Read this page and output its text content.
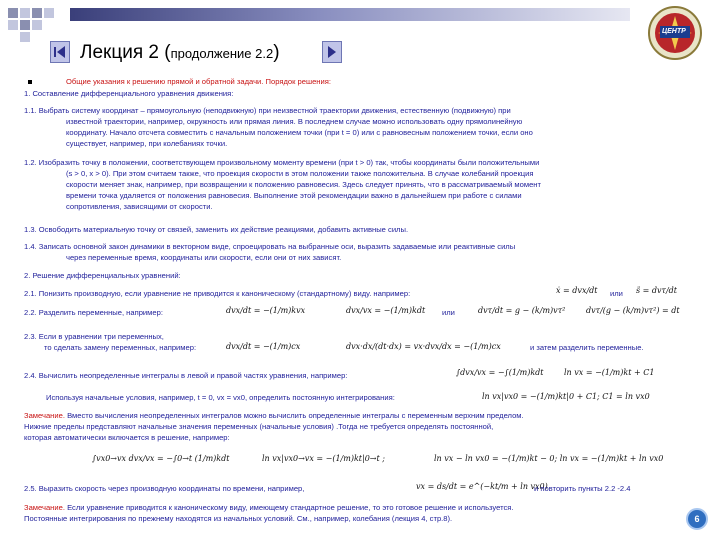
ЦЕНТР
Лекция 2 (продолжение 2.2)
Общие указания к решению прямой и обратной задачи. Порядок решения:
1. Составление дифференциального уравнения движения:
1.1. Выбрать систему координат – прямоугольную (неподвижную) при неизвестной траектории движения, естественную (подвижную) при
известной траектории, например, окружность или прямая линия. В последнем случае можно использовать одну прямолинейную
координату. Начало отсчета совместить с начальным положением точки (при t = 0) или с равновесным положением точки, если оно
существует, например, при колебаниях точки.
1.2. Изобразить точку в положении, соответствующем произвольному моменту времени (при t > 0) так, чтобы координаты были положительными
(s > 0, x > 0). При этом считаем также, что проекция скорости в этом положении также положительна. В случае колебаний проекция
скорости меняет знак, например, при возвращении к положению равновесия. Здесь следует принять, что в рассматриваемый момент
времени точка удаляется от положения равновесия. Выполнение этой рекомендации важно в дальнейшем при работе с силами
сопротивления, зависящими от скорости.
1.3. Освободить материальную точку от связей, заменить их действие реакциями, добавить активные силы.
1.4. Записать основной закон динамики в векторном виде, спроецировать на выбранные оси, выразить задаваемые или реактивные силы
через переменные время, координаты или скорости, если они от них зависят.
2. Решение дифференциальных уравнений:
2.1. Понизить производную, если уравнение не приводится к каноническому (стандартному) виду. например:	ẋ = dvx/dt или s̈ = dvτ/dt
2.2. Разделить переменные, например:	dvx/dt = −(1/m)kvx	dvx/vx = −(1/m)kdt или	dvτ/dt = g − (k/m)vτ²	dvτ/(g − (k/m)vτ²) = dt
2.3. Если в уравнении три переменных,
то сделать замену переменных, например:	dvx/dt = −(1/m)cx	dvx·dx/(dt·dx) = vx·dvx/dx = −(1/m)cx	и затем разделить переменные.
2.4. Вычислить неопределенные интегралы в левой и правой частях уравнения, например:	∫dvx/vx = −∫(1/m)kdt	ln vx = −(1/m)kt + C1
Используя начальные условия, например, t = 0, vx = vx0, определить постоянную интегрирования:	ln vx|vx0 = −(1/m)kt|0 + C1; C1 = ln vx0
Замечание. Вместо вычисления неопределенных интегралов можно вычислить определенные интегралы с переменным верхним пределом.
Нижние пределы представляют начальные значения переменных (начальные условия) .Тогда не требуется определять постоянной,
которая автоматически включается в решение, например:
∫vx0→vx dvx/vx = −∫0→t (1/m)kdt	ln vx|vx0→vx = −(1/m)kt|0→t ;	ln vx − ln vx0 = −(1/m)kt − 0; ln vx = −(1/m)kt + ln vx0
2.5. Выразить скорость через производную координаты по времени, например,	vx = ds/dt = e^(−kt/m + ln vx0)
и повторить пункты 2.2 -2.4
Замечание. Если уравнение приводится к каноническому виду, имеющему стандартное решение, то это готовое решение и используется.
Постоянные интегрирования по прежнему находятся из начальных условий. См., например, колебания (лекция 4, стр.8).	6
